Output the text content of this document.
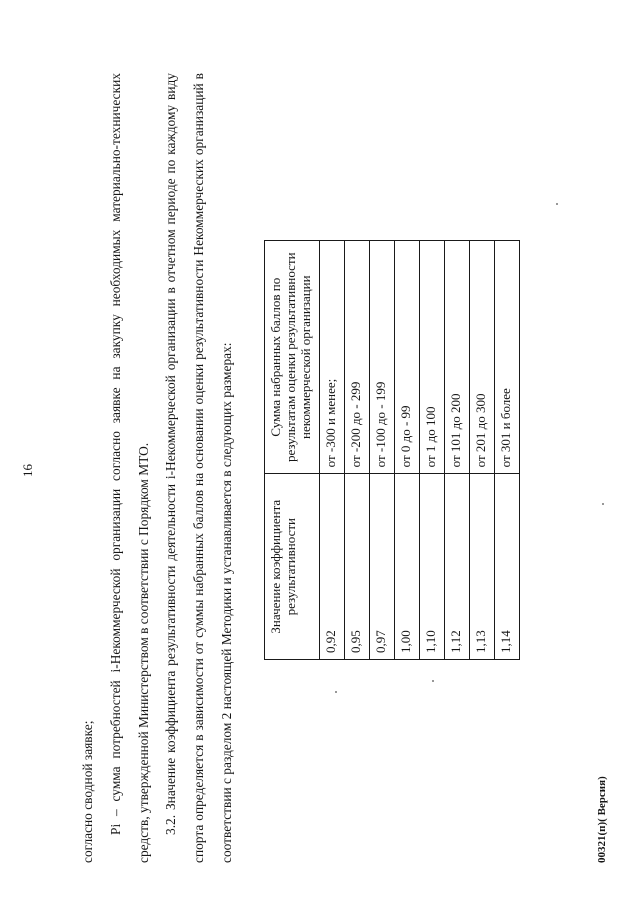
16

согласно сводной заявке; Pi – сумма потребностей i-Некоммерческой организации согласно заявке на закупку необходимых материально-технических средств, утвержденной Министерством в соответствии с Порядком МТО. 3.2. Значение коэффициента результативности деятельности i-Некоммерческой организации в отчетном периоде по каждому виду спорта определяется в зависимости от суммы набранных баллов на основании оценки результативности Некоммерческих организаций в соответствии с разделом 2 настоящей Методики и устанавливается в следующих размерах:	Значение коэффициента результативности	Сумма набранных баллов по результатам оценки результативности некоммерческой организации
0,92	от -300 и менее;
0,95	от -200 до - 299
0,97	от -100 до - 199
1,00	от 0 до - 99
1,10	от 1 до 100
1,12	от 101 до 200
1,13	от 201 до 300
1,14	от 301 и более
00321(п)( Версия)
